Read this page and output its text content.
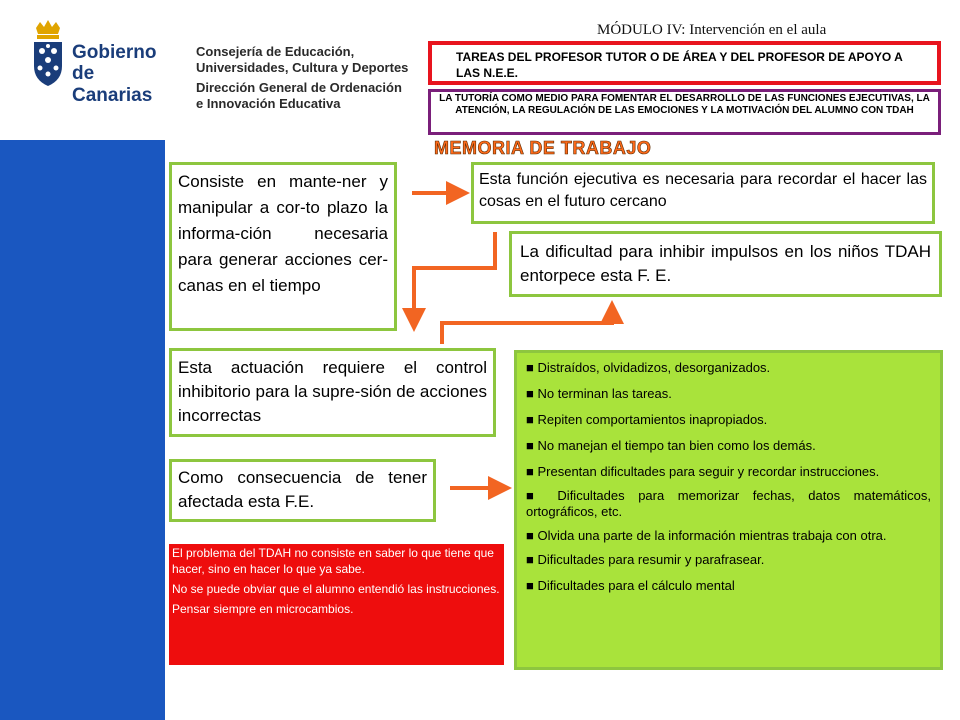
Gobierno
de Canarias
Consejería de Educación,
Universidades, Cultura y Deportes
Dirección General de Ordenación
e Innovación Educativa
MÓDULO IV: Intervención en el aula
TAREAS DEL PROFESOR TUTOR O DE ÁREA Y DEL PROFESOR DE APOYO A LAS N.E.E.
LA TUTORÍA COMO MEDIO PARA FOMENTAR EL DESARROLLO DE LAS FUNCIONES EJECUTIVAS, LA ATENCIÓN, LA REGULACIÓN DE LAS EMOCIONES Y LA MOTIVACIÓN DEL ALUMNO CON TDAH
MEMORIA DE TRABAJO
Consiste en mante-ner y manipular a cor-to plazo la informa-ción necesaria para generar acciones cer-canas en el tiempo
Esta función ejecutiva es necesaria para recordar el hacer las cosas en el futuro cercano
La dificultad para inhibir impulsos en los niños TDAH entorpece esta F. E.
Esta actuación requiere el control inhibitorio para la supre-sión de acciones incorrectas
Como consecuencia de tener afectada esta F.E.

El problema del TDAH no consiste en saber lo que tiene que hacer, sino en hacer lo que ya sabe.

No se puede obviar que el alumno entendió las instrucciones.

Pensar siempre en microcambios.

■ Distraídos, olvidadizos, desorganizados.
■ No terminan las tareas.
■ Repiten comportamientos inapropiados.
■ No manejan el tiempo tan bien como los demás.
■ Presentan dificultades para seguir y recordar instrucciones.
■ Dificultades para memorizar fechas, datos matemáticos, ortográficos, etc.
■ Olvida una parte de la información mientras trabaja con otra.
■ Dificultades para resumir y parafrasear.
■ Dificultades para el cálculo mental
